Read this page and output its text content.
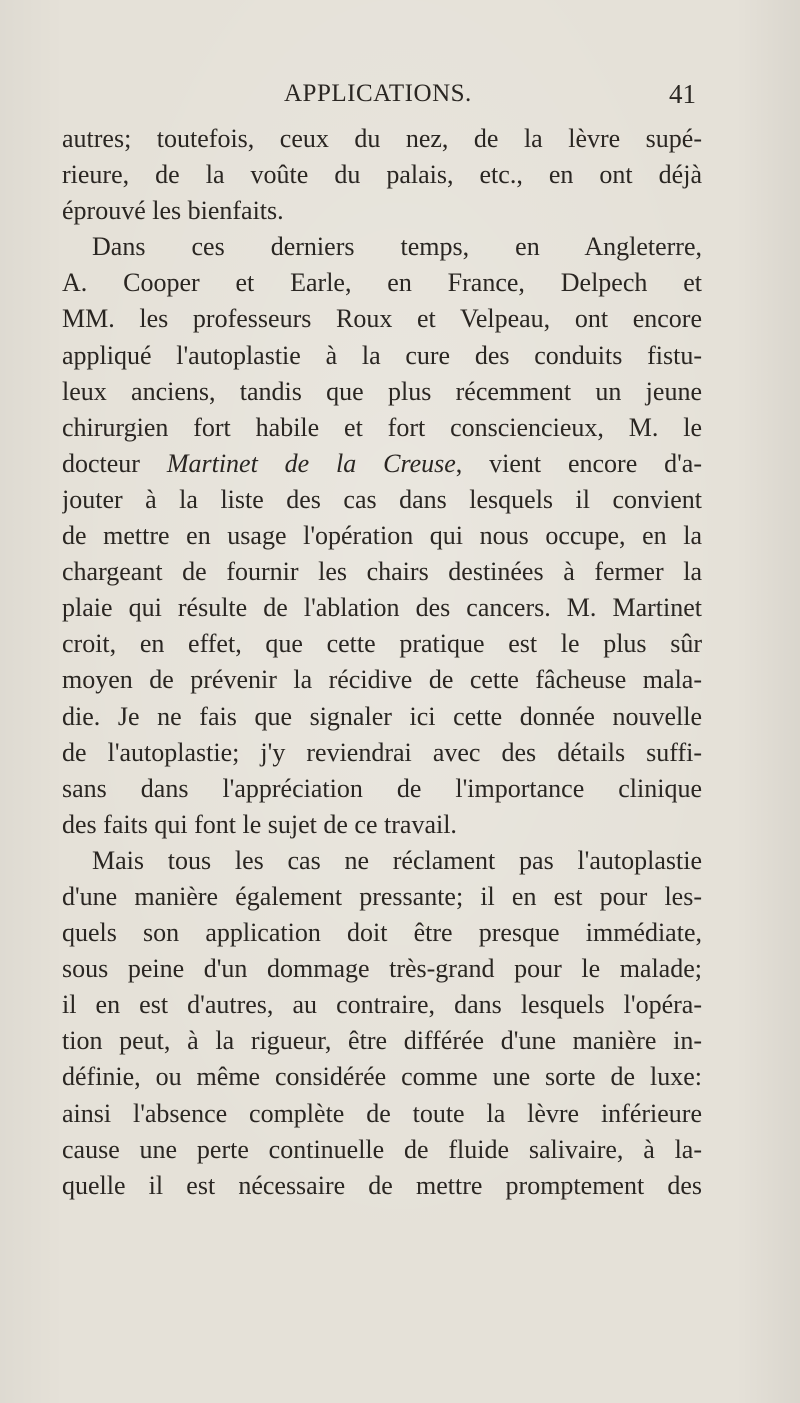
APPLICATIONS.	41
autres; toutefois, ceux du nez, de la lèvre supé-
rieure, de la voûte du palais, etc., en ont déjà
éprouvé les bienfaits.
Dans ces derniers temps, en Angleterre,
A. Cooper et Earle, en France, Delpech et
MM. les professeurs Roux et Velpeau, ont encore
appliqué l'autoplastie à la cure des conduits fistu-
leux anciens, tandis que plus récemment un jeune
chirurgien fort habile et fort consciencieux, M. le
docteur Martinet de la Creuse, vient encore d'a-
jouter à la liste des cas dans lesquels il convient
de mettre en usage l'opération qui nous occupe, en la
chargeant de fournir les chairs destinées à fermer la
plaie qui résulte de l'ablation des cancers. M. Martinet
croit, en effet, que cette pratique est le plus sûr
moyen de prévenir la récidive de cette fâcheuse mala-
die. Je ne fais que signaler ici cette donnée nouvelle
de l'autoplastie; j'y reviendrai avec des détails suffi-
sans dans l'appréciation de l'importance clinique
des faits qui font le sujet de ce travail.
Mais tous les cas ne réclament pas l'autoplastie
d'une manière également pressante; il en est pour les-
quels son application doit être presque immédiate,
sous peine d'un dommage très-grand pour le malade;
il en est d'autres, au contraire, dans lesquels l'opéra-
tion peut, à la rigueur, être différée d'une manière in-
définie, ou même considérée comme une sorte de luxe:
ainsi l'absence complète de toute la lèvre inférieure
cause une perte continuelle de fluide salivaire, à la-
quelle il est nécessaire de mettre promptement des
